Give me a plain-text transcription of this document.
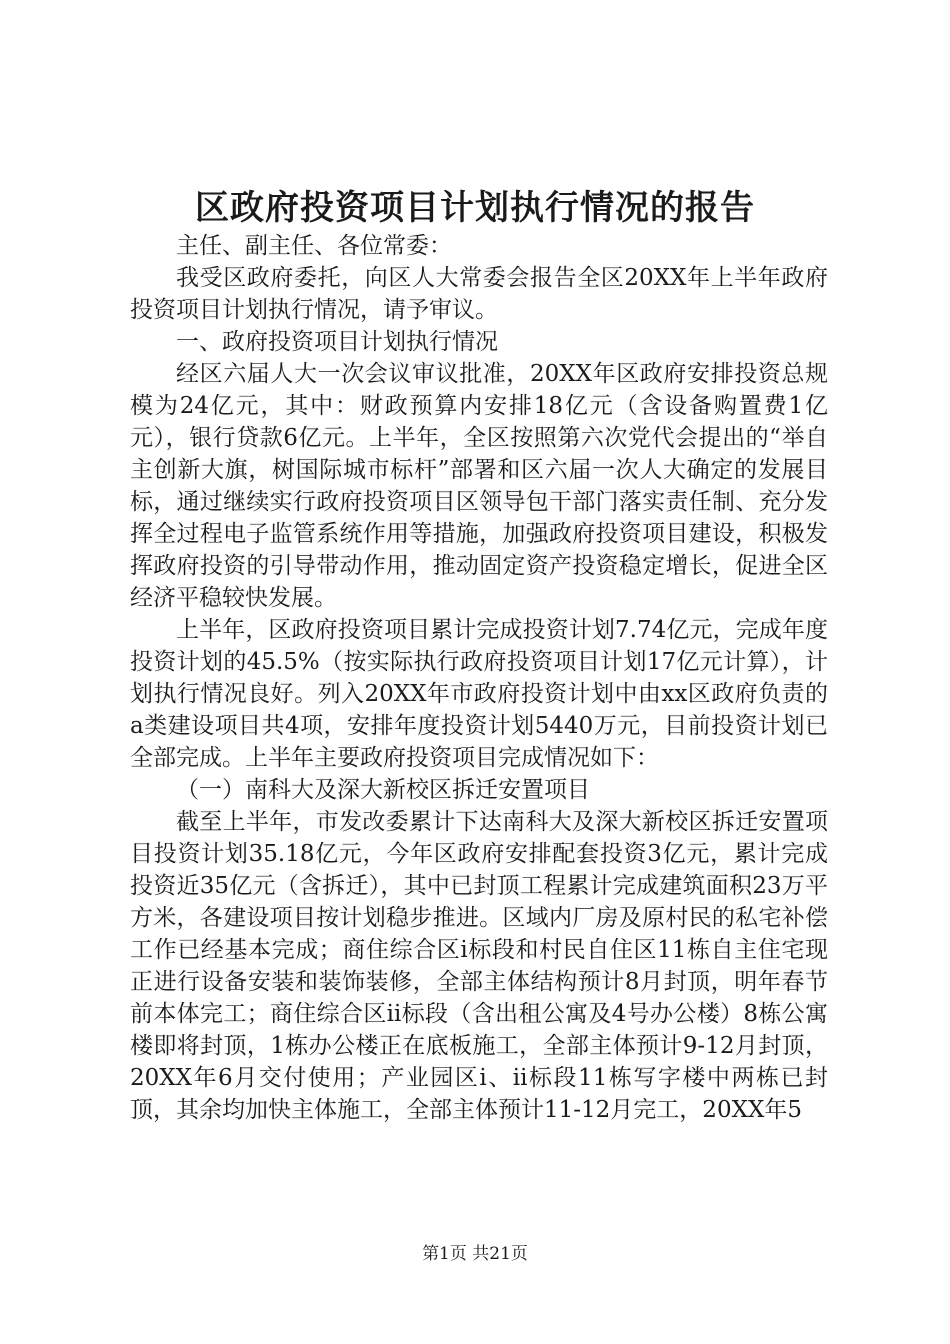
区政府投资项目计划执行情况的报告

主任、副主任、各位常委：

我受区政府委托，向区人大常委会报告全区20XX年上半年政府投资项目计划执行情况，请予审议。

一、政府投资项目计划执行情况

经区六届人大一次会议审议批准，20XX年区政府安排投资总规模为24亿元，其中：财政预算内安排18亿元（含设备购置费1亿元），银行贷款6亿元。上半年，全区按照第六次党代会提出的“举自主创新大旗，树国际城市标杆”部署和区六届一次人大确定的发展目标，通过继续实行政府投资项目区领导包干部门落实责任制、充分发挥全过程电子监管系统作用等措施，加强政府投资项目建设，积极发挥政府投资的引导带动作用，推动固定资产投资稳定增长，促进全区经济平稳较快发展。

上半年，区政府投资项目累计完成投资计划7.74亿元，完成年度投资计划的45.5%（按实际执行政府投资项目计划17亿元计算），计划执行情况良好。列入20XX年市政府投资计划中由xx区政府负责的a类建设项目共4项，安排年度投资计划5440万元，目前投资计划已全部完成。上半年主要政府投资项目完成情况如下：

（一）南科大及深大新校区拆迁安置项目

截至上半年，市发改委累计下达南科大及深大新校区拆迁安置项目投资计划35.18亿元，今年区政府安排配套投资3亿元，累计完成投资近35亿元（含拆迁），其中已封顶工程累计完成建筑面积23万平方米，各建设项目按计划稳步推进。区域内厂房及原村民的私宅补偿工作已经基本完成；商住综合区ⅰ标段和村民自住区11栋自主住宅现正进行设备安装和装饰装修，全部主体结构预计8月封顶，明年春节前本体完工；商住综合区ⅱ标段（含出租公寓及4号办公楼）8栋公寓楼即将封顶，1栋办公楼正在底板施工，全部主体预计9-12月封顶，20XX年6月交付使用；产业园区ⅰ、ⅱ标段11栋写字楼中两栋已封顶，其余均加快主体施工，全部主体预计11-12月完工，20XX年5

第1页 共21页
